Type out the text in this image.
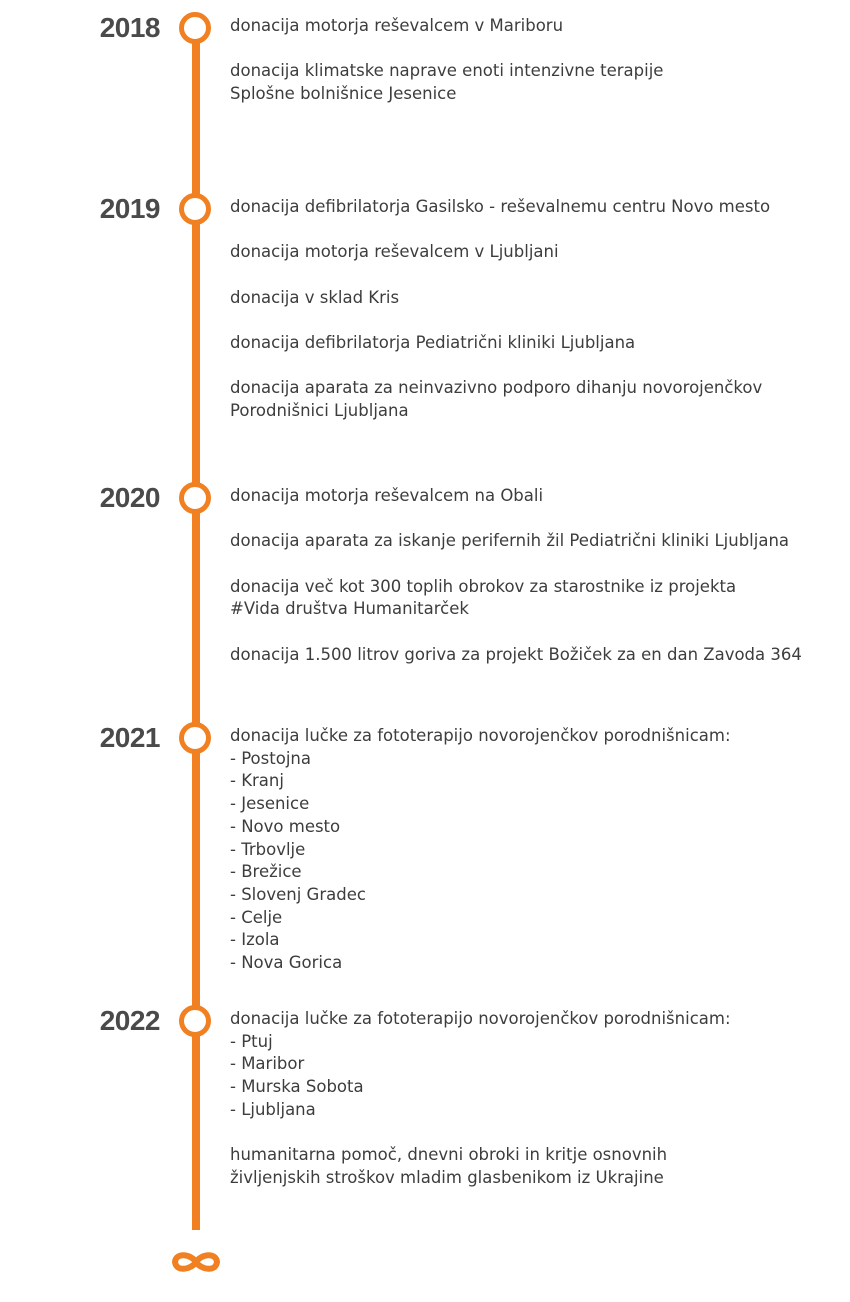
2018	donacija motorja reševalcem v Mariboru

donacija klimatske naprave enoti intenzivne terapije
Splošne bolnišnice Jesenice

2019	donacija defibrilatorja Gasilsko - reševalnemu centru Novo mesto

donacija motorja reševalcem v Ljubljani

donacija v sklad Kris

donacija defibrilatorja Pediatrični kliniki Ljubljana

donacija aparata za neinvazivno podporo dihanju novorojenčkov
Porodnišnici Ljubljana

2020	donacija motorja reševalcem na Obali

donacija aparata za iskanje perifernih žil Pediatrični kliniki Ljubljana

donacija več kot 300 toplih obrokov za starostnike iz projekta
#Vida društva Humanitarček

donacija 1.500 litrov goriva za projekt Božiček za en dan Zavoda 364

2021	donacija lučke za fototerapijo novorojenčkov porodnišnicam:
- Postojna
- Kranj
- Jesenice
- Novo mesto
- Trbovlje
- Brežice
- Slovenj Gradec
- Celje
- Izola
- Nova Gorica

2022	donacija lučke za fototerapijo novorojenčkov porodnišnicam:
- Ptuj
- Maribor
- Murska Sobota
- Ljubljana

humanitarna pomoč, dnevni obroki in kritje osnovnih
življenjskih stroškov mladim glasbenikom iz Ukrajine
